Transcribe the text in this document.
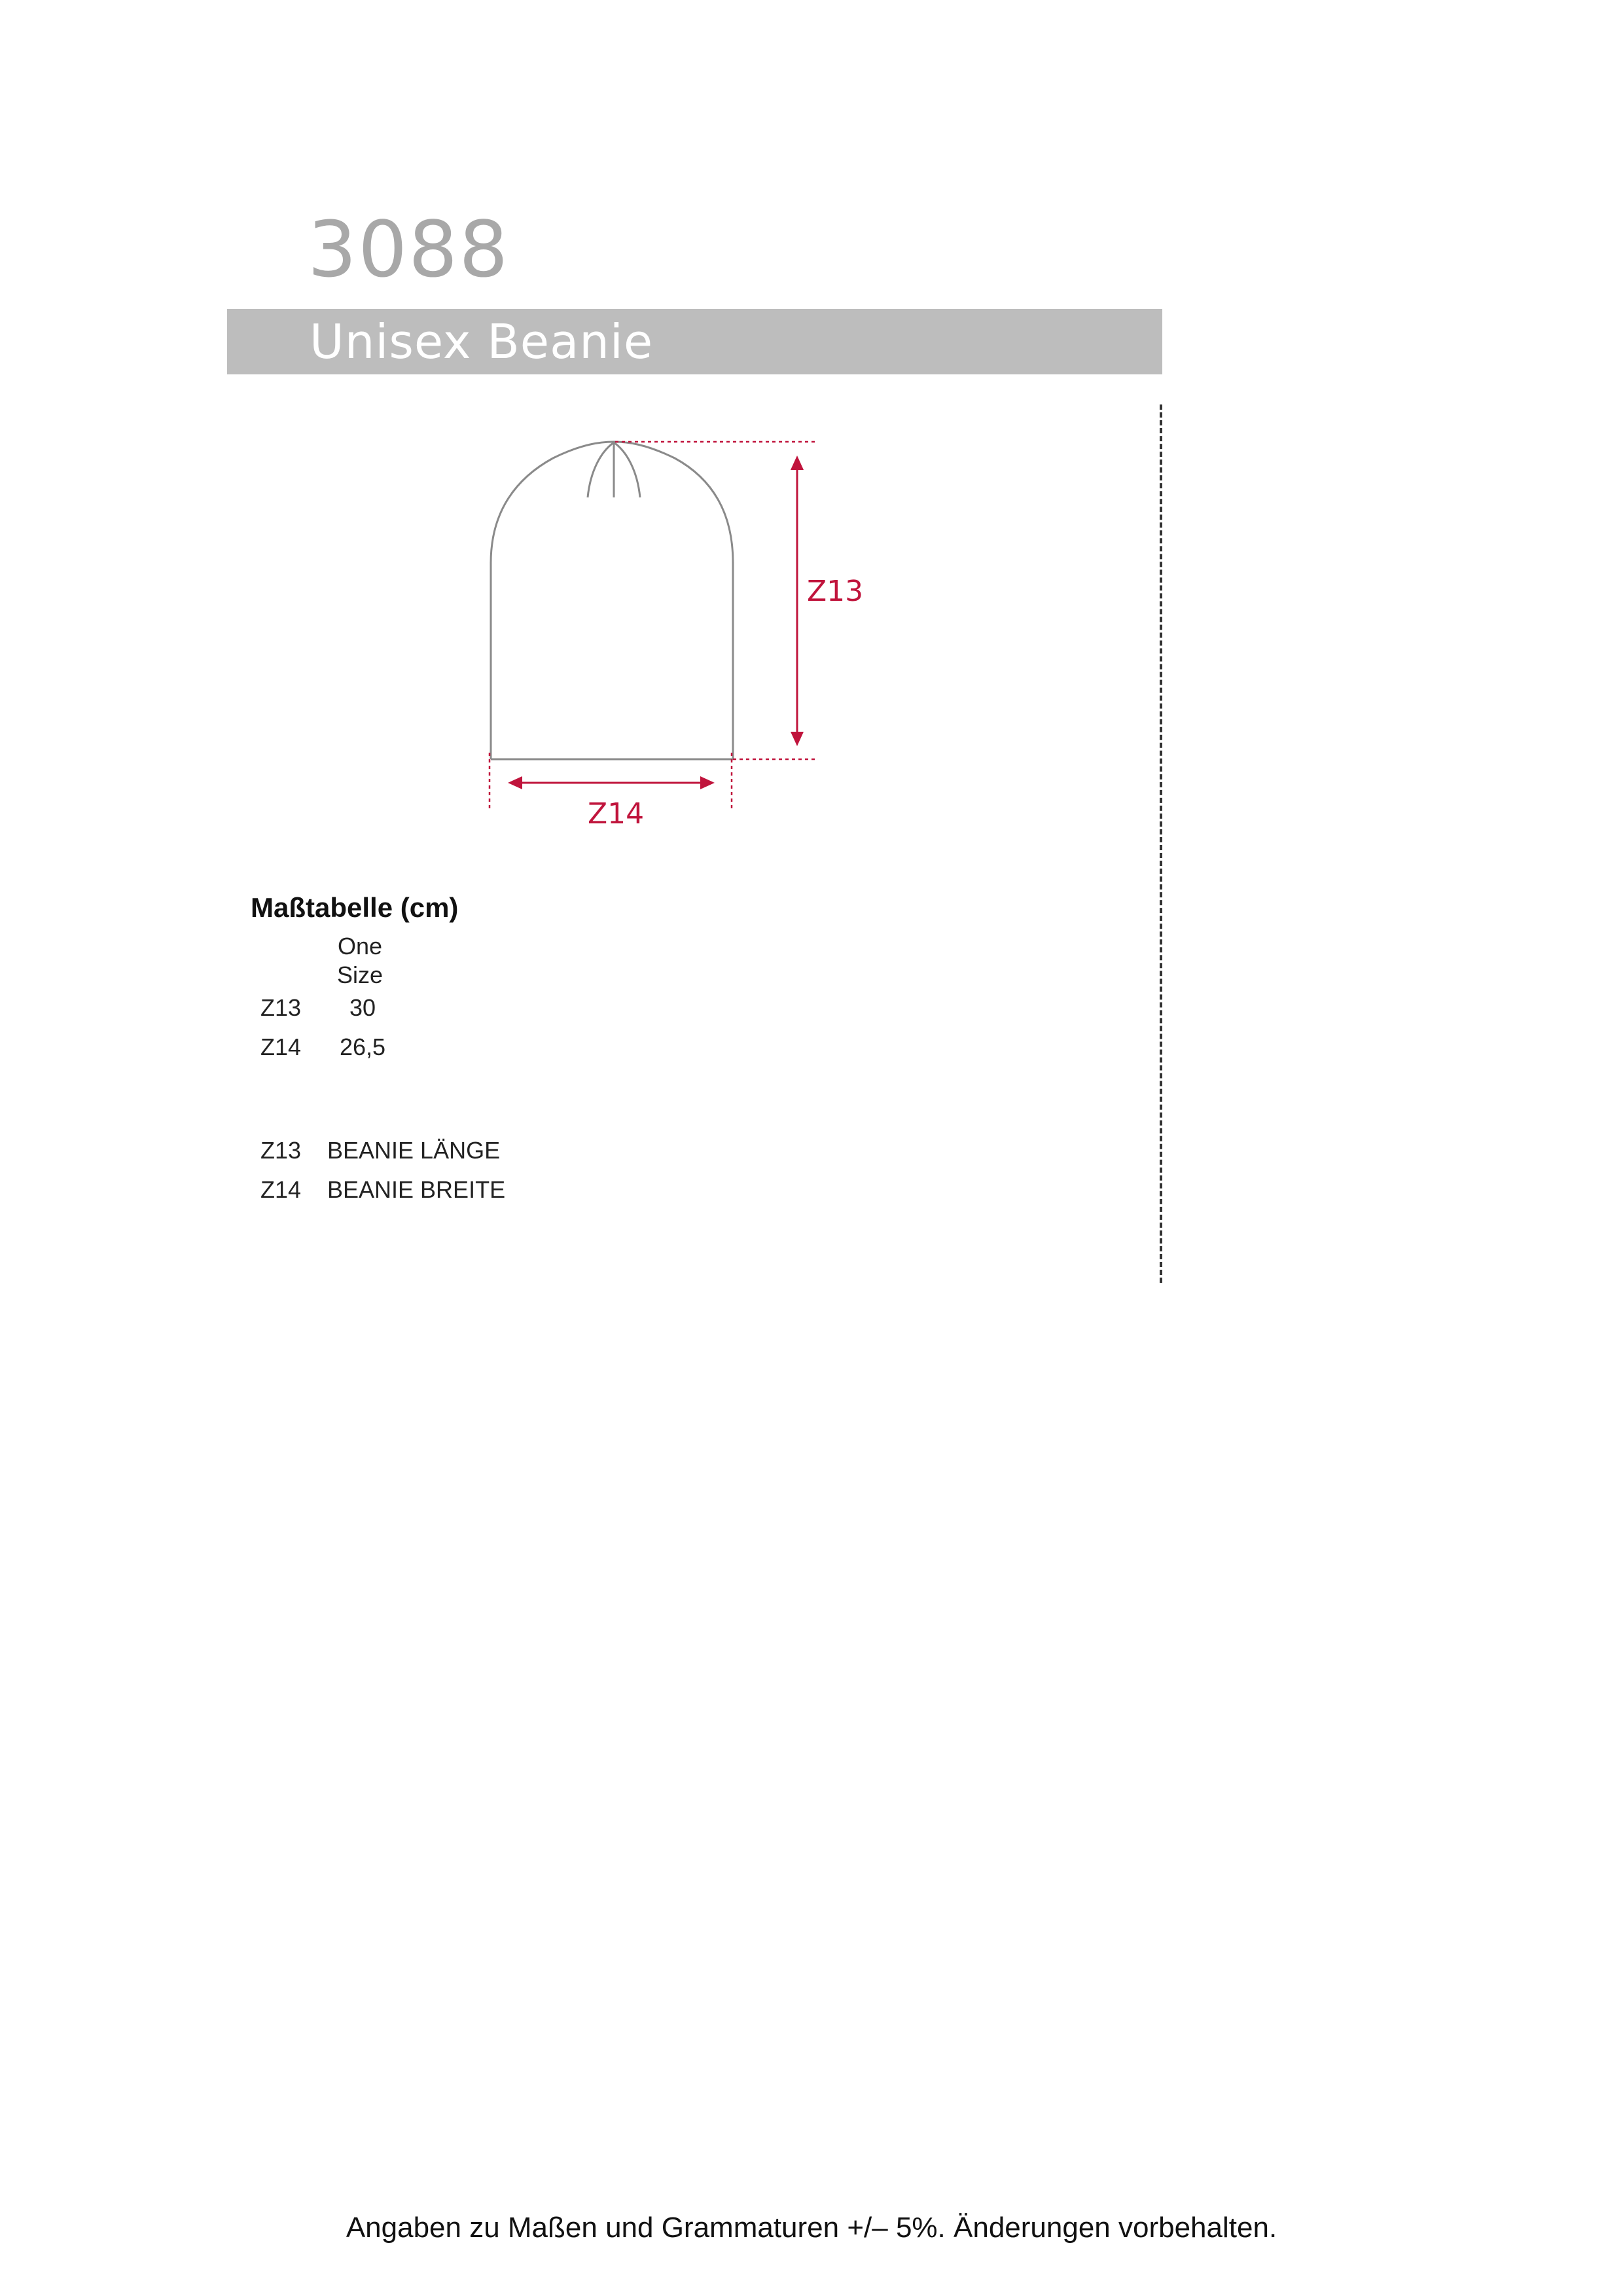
3088
Unisex Beanie
Z13
Z14
Maßtabelle (cm)
One
Size
Z13	30
Z14 26,5
Z13 BEANIE LÄNGE
Z14 BEANIE BREITE
Angaben zu Maßen und Grammaturen +/– 5%. Änderungen vorbehalten.
